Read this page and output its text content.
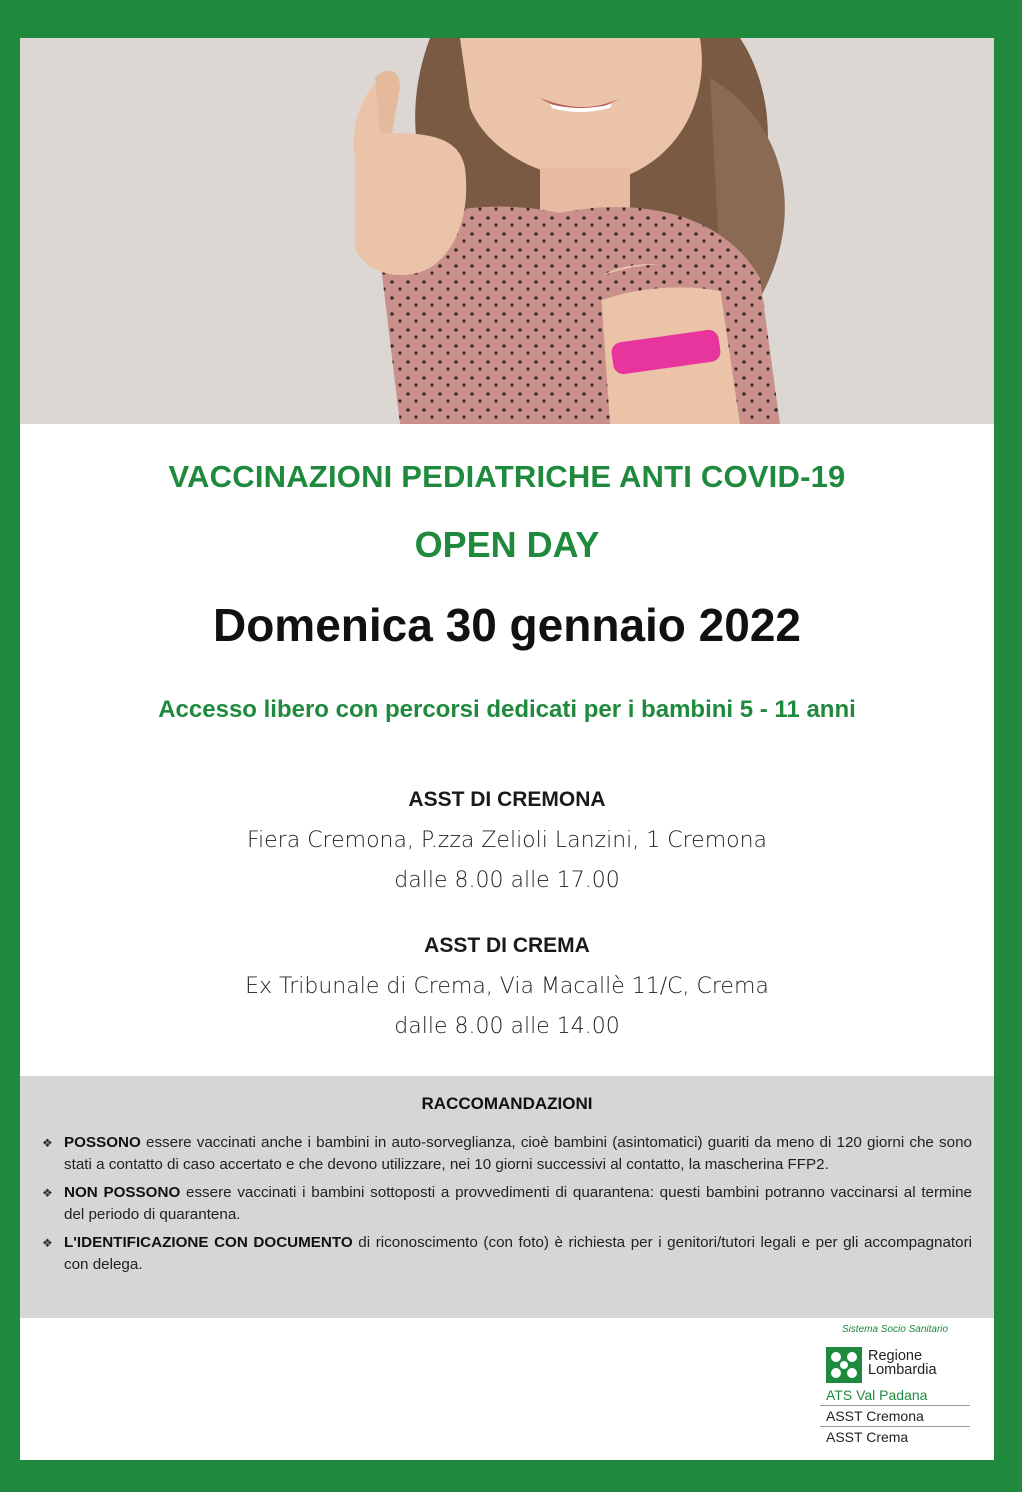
VACCINAZIONI PEDIATRICHE ANTI COVID-19
OPEN DAY
Domenica 30 gennaio 2022
Accesso libero con percorsi dedicati per i bambini 5 - 11 anni
ASST DI CREMONA
Fiera Cremona, P.zza Zelioli Lanzini, 1 Cremona
dalle 8.00 alle 17.00
ASST DI CREMA
Ex Tribunale di Crema, Via Macallè 11/C, Crema
dalle 8.00 alle 14.00
RACCOMANDAZIONI
❖ POSSONO essere vaccinati anche i bambini in auto-sorveglianza, cioè bambini (asintomatici) guariti da meno di 120 giorni che sono stati a contatto di caso accertato e che devono utilizzare, nei 10 giorni successivi al contatto, la mascherina FFP2.
❖ NON POSSONO essere vaccinati i bambini sottoposti a provvedimenti di quarantena: questi bambini potranno vaccinarsi al termine del periodo di quarantena.
❖ L'IDENTIFICAZIONE CON DOCUMENTO di riconoscimento (con foto) è richiesta per i genitori/tutori legali e per gli accompagnatori con delega.
Sistema Socio Sanitario
Regione
Lombardia
ATS Val Padana
ASST Cremona
ASST Crema
